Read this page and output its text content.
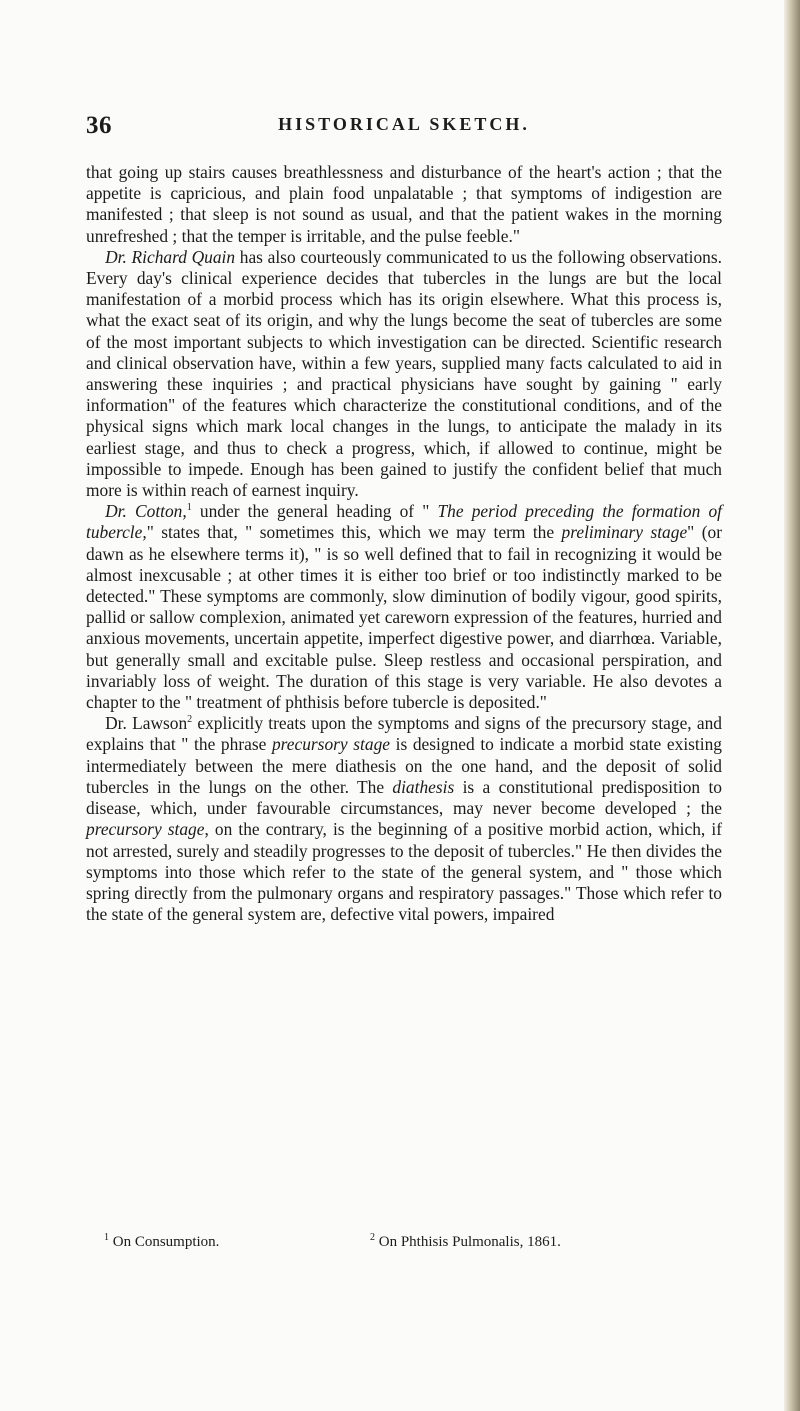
36	HISTORICAL SKETCH.

that going up stairs causes breathlessness and disturbance of the heart's action ; that the appetite is capricious, and plain food unpalatable ; that symptoms of indigestion are manifested ; that sleep is not sound as usual, and that the patient wakes in the morning unrefreshed ; that the temper is irritable, and the pulse feeble."

Dr. Richard Quain has also courteously communicated to us the following observations. Every day's clinical experience decides that tubercles in the lungs are but the local manifestation of a morbid process which has its origin elsewhere. What this process is, what the exact seat of its origin, and why the lungs become the seat of tubercles are some of the most important subjects to which investigation can be directed. Scientific research and clinical observation have, within a few years, supplied many facts calculated to aid in answering these inquiries ; and practical physicians have sought by gaining " early information" of the features which characterize the constitutional conditions, and of the physical signs which mark local changes in the lungs, to anticipate the malady in its earliest stage, and thus to check a progress, which, if allowed to continue, might be impossible to impede. Enough has been gained to justify the confident belief that much more is within reach of earnest inquiry.

Dr. Cotton,$^1$ under the general heading of " The period preceding the formation of tubercle," states that, " sometimes this, which we may term the preliminary stage" (or dawn as he elsewhere terms it), " is so well defined that to fail in recognizing it would be almost inexcusable ; at other times it is either too brief or too indistinctly marked to be detected." These symptoms are commonly, slow diminution of bodily vigour, good spirits, pallid or sallow complexion, animated yet careworn expression of the features, hurried and anxious movements, uncertain appetite, imperfect digestive power, and diarrhœa. Variable, but generally small and excitable pulse. Sleep restless and occasional perspiration, and invariably loss of weight. The duration of this stage is very variable. He also devotes a chapter to the " treatment of phthisis before tubercle is deposited."

Dr. Lawson$^2$ explicitly treats upon the symptoms and signs of the precursory stage, and explains that " the phrase precursory stage is designed to indicate a morbid state existing intermediately between the mere diathesis on the one hand, and the deposit of solid tubercles in the lungs on the other. The diathesis is a constitutional predisposition to disease, which, under favourable circumstances, may never become developed ; the precursory stage, on the contrary, is the beginning of a positive morbid action, which, if not arrested, surely and steadily progresses to the deposit of tubercles." He then divides the symptoms into those which refer to the state of the general system, and " those which spring directly from the pulmonary organs and respiratory passages." Those which refer to the state of the general system are, defective vital powers, impaired

$^1$ On Consumption.	$^2$ On Phthisis Pulmonalis, 1861.
